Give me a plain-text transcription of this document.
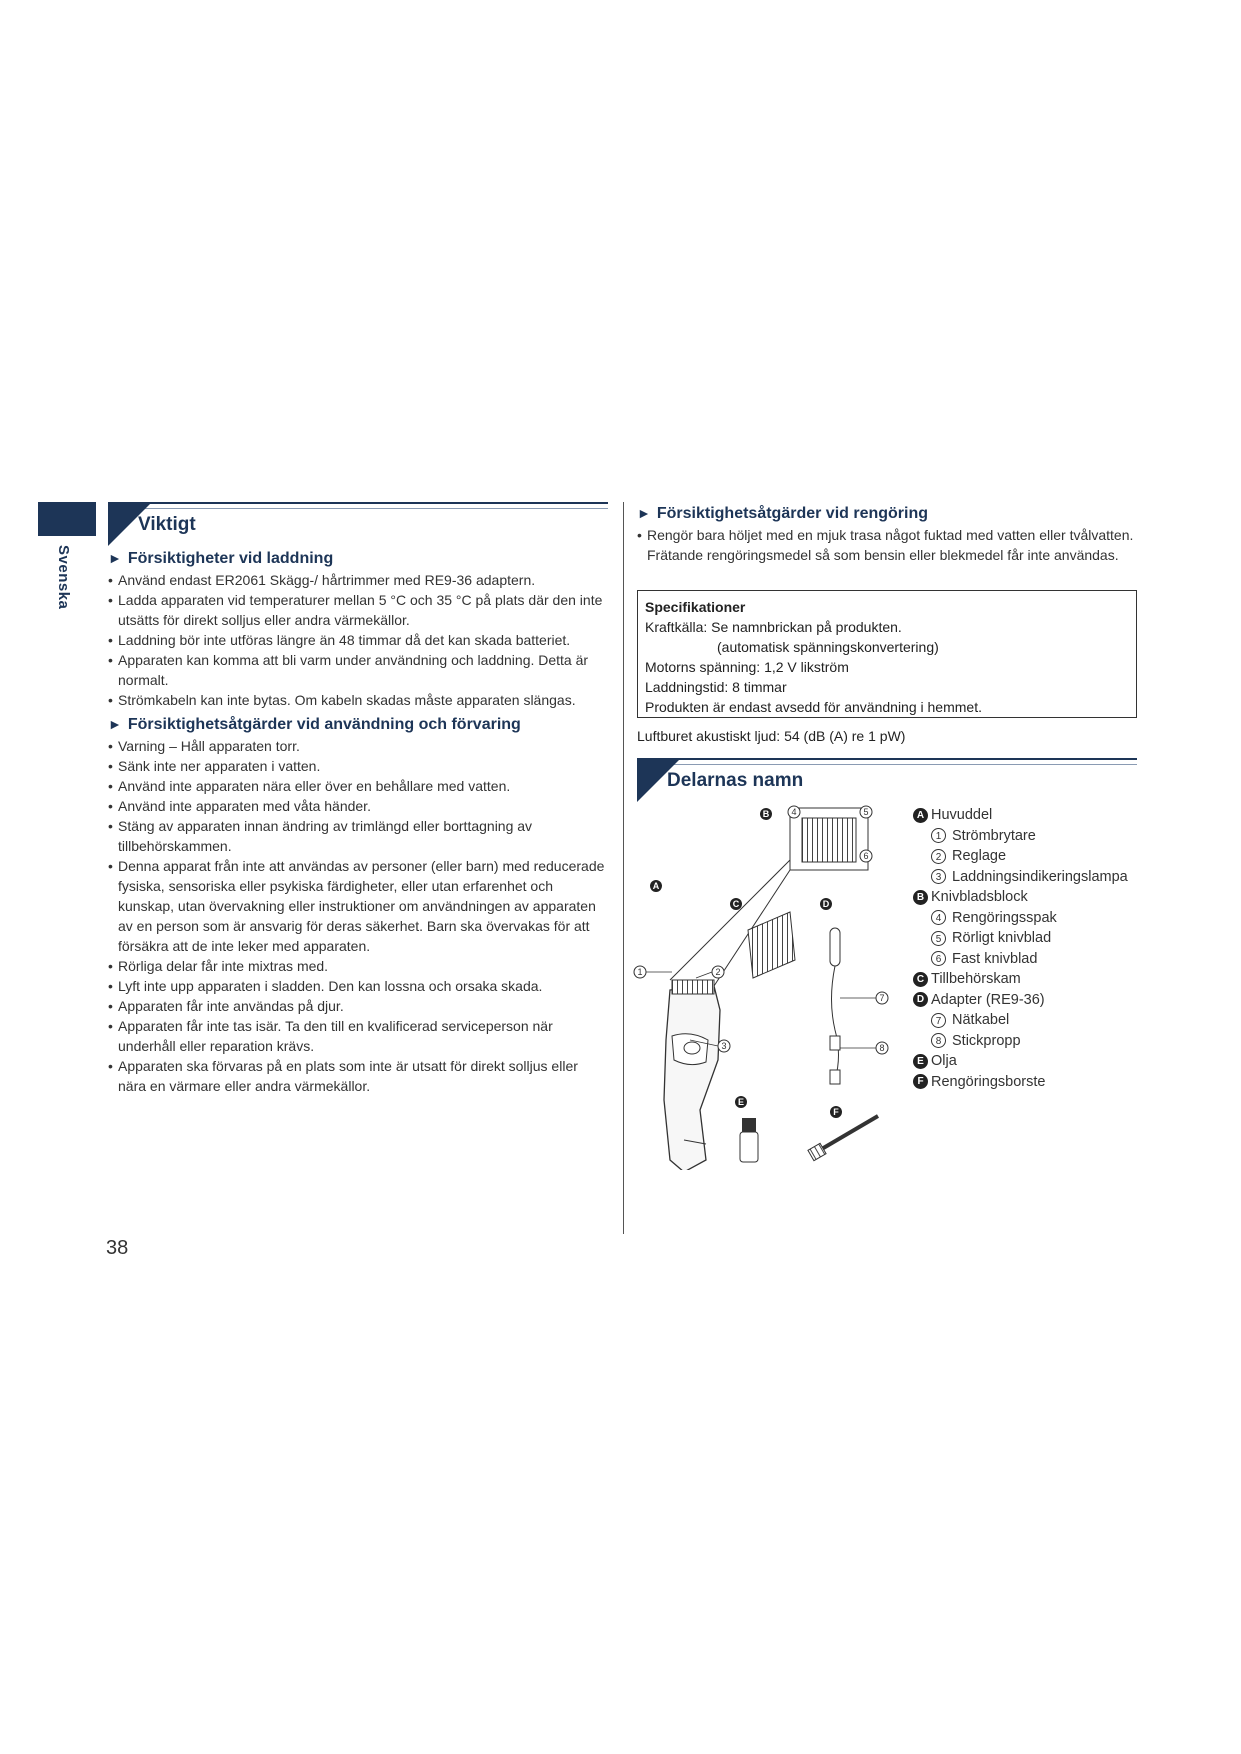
Svenska
Viktigt
► Försiktigheter vid laddning
• Använd endast ER2061 Skägg-/ hårtrimmer med RE9-36 adaptern.
• Ladda apparaten vid temperaturer mellan 5 °C och 35 °C på plats där den inte utsätts för direkt solljus eller andra värmekällor.
• Laddning bör inte utföras längre än 48 timmar då det kan skada batteriet.
• Apparaten kan komma att bli varm under användning och laddning. Detta är normalt.
• Strömkabeln kan inte bytas. Om kabeln skadas måste apparaten slängas.
► Försiktighetsåtgärder vid användning och förvaring
• Varning – Håll apparaten torr.
• Sänk inte ner apparaten i vatten.
• Använd inte apparaten nära eller över en behållare med vatten.
• Använd inte apparaten med våta händer.
• Stäng av apparaten innan ändring av trimlängd eller borttagning av tillbehörskammen.
• Denna apparat från inte att användas av personer (eller barn) med reducerade fysiska, sensoriska eller psykiska färdigheter, eller utan erfarenhet och kunskap, utan övervakning eller instruktioner om användningen av apparaten av en person som är ansvarig för deras säkerhet. Barn ska övervakas för att försäkra att de inte leker med apparaten.
• Rörliga delar får inte mixtras med.
• Lyft inte upp apparaten i sladden. Den kan lossna och orsaka skada.
• Apparaten får inte användas på djur.
• Apparaten får inte tas isär. Ta den till en kvalificerad serviceperson när underhåll eller reparation krävs.
• Apparaten ska förvaras på en plats som inte är utsatt för direkt solljus eller nära en värmare eller andra värmekällor.
► Försiktighetsåtgärder vid rengöring
• Rengör bara höljet med en mjuk trasa något fuktad med vatten eller tvålvatten. Frätande rengöringsmedel så som bensin eller blekmedel får inte användas.
Specifikationer
Kraftkälla: Se namnbrickan på produkten.
(automatisk spänningskonvertering)
Motorns spänning: 1,2 V likström
Laddningstid: 8 timmar
Produkten är endast avsedd för användning i hemmet.
Luftburet akustiskt ljud: 54 (dB (A) re 1 pW)
Delarnas namn
A
B
C	D
E
F
1	2
3
4	5
6
7
8
A Huvuddel
1 Strömbrytare
2 Reglage
3 Laddningsindikeringslampa
B Knivbladsblock
4 Rengöringsspak
5 Rörligt knivblad
6 Fast knivblad
C Tillbehörskam
D Adapter (RE9-36)
7 Nätkabel
8 Stickpropp
E Olja
F Rengöringsborste
38
